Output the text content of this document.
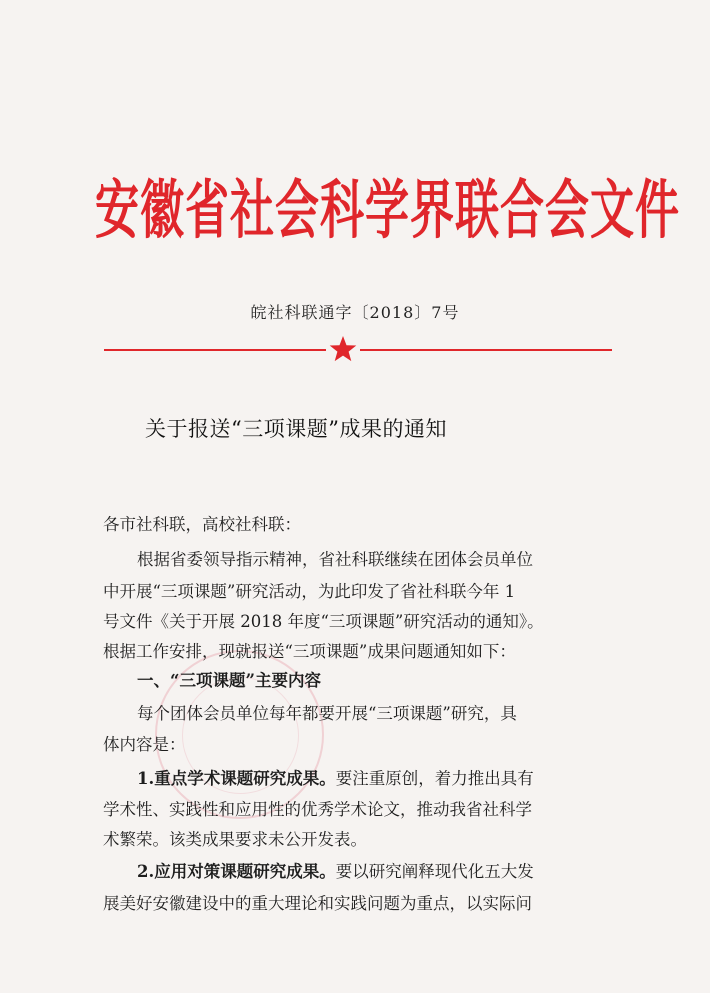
安徽省社会科学界联合会文件
皖社科联通字〔2018〕7号
关于报送“三项课题”成果的通知
各市社科联，高校社科联：
根据省委领导指示精神，省社科联继续在团体会员单位
中开展“三项课题”研究活动，为此印发了省社科联今年 1
号文件《关于开展 2018 年度“三项课题”研究活动的通知》。
根据工作安排，现就报送“三项课题”成果问题通知如下：
一、“三项课题”主要内容
每个团体会员单位每年都要开展“三项课题”研究，具
体内容是：
1.重点学术课题研究成果。要注重原创，着力推出具有
学术性、实践性和应用性的优秀学术论文，推动我省社科学
术繁荣。该类成果要求未公开发表。
2.应用对策课题研究成果。要以研究阐释现代化五大发
展美好安徽建设中的重大理论和实践问题为重点，以实际问
